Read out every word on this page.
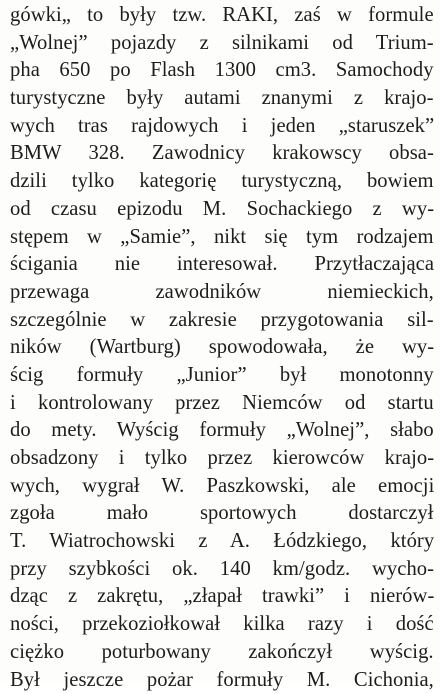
gówki„ to były tzw. RAKI, zaś w formule
„Wolnej” pojazdy z silnikami od Trium-
pha 650 po Flash 1300 cm3. Samochody
turystyczne były autami znanymi z krajo-
wych tras rajdowych i jeden „staruszek”
BMW 328. Zawodnicy krakowscy obsa-
dzili tylko kategorię turystyczną, bowiem
od czasu epizodu M. Sochackiego z wy-
stępem w „Samie”, nikt się tym rodzajem
ścigania nie interesował. Przytłaczająca
przewaga zawodników niemieckich,
szczególnie w zakresie przygotowania sil-
ników (Wartburg) spowodowała, że wy-
ścig formuły „Junior” był monotonny
i kontrolowany przez Niemców od startu
do mety. Wyścig formuły „Wolnej”, słabo
obsadzony i tylko przez kierowców krajo-
wych, wygrał W. Paszkowski, ale emocji
zgoła mało sportowych dostarczył
T. Wiatrochowski z A. Łódzkiego, który
przy szybkości ok. 140 km/godz. wycho-
dząc z zakrętu, „złapał trawki” i nierów-
ności, przekoziołkował kilka razy i dość
ciężko poturbowany zakończył wyścig.
Był jeszcze pożar formuły M. Cichonia,
